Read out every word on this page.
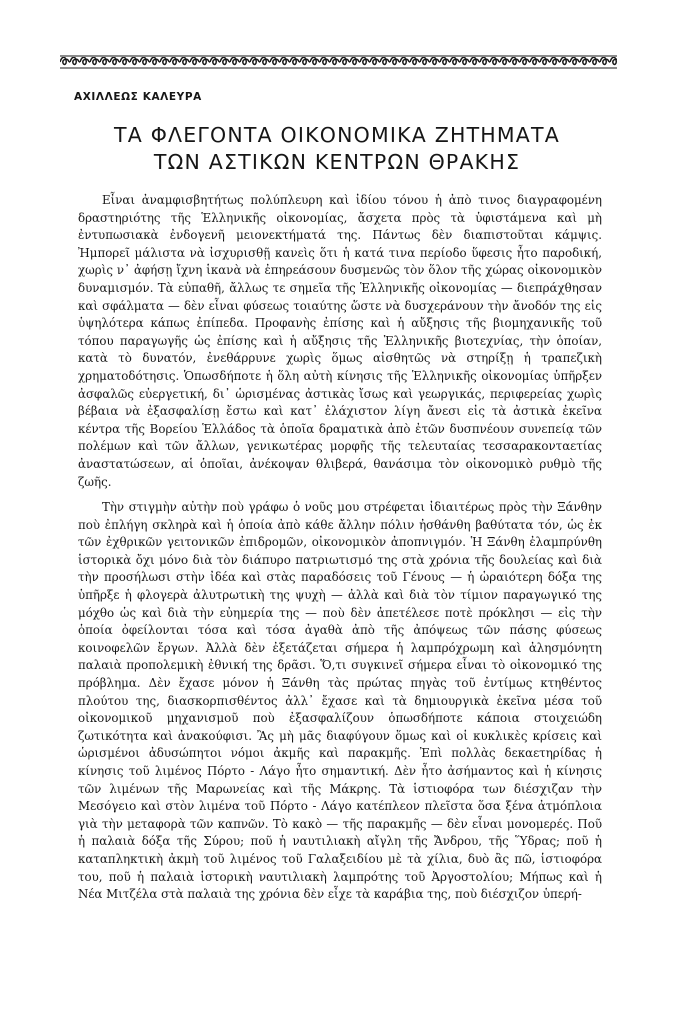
ΑΧΙΛΛΕΩΣ ΚΑΛΕΥΡΑ
ΤΑ ΦΛΕΓΟΝΤΑ ΟΙΚΟΝΟΜΙΚΑ ΖΗΤΗΜΑΤΑ
ΤΩΝ ΑΣΤΙΚΩΝ ΚΕΝΤΡΩΝ ΘΡΑΚΗΣ

Εἶναι ἀναμφισβητήτως πολύπλευρη καὶ ἰδίου τόνου ἡ ἀπὸ τινος διαγραφομένη δραστηριότης τῆς Ἑλληνικῆς οἰκονομίας, ἄσχετα πρὸς τὰ ὑφιστάμενα καὶ μὴ ἐντυπωσιακὰ ἐνδογενῆ μειονεκτήματά της. Πάντως δὲν διαπιστοῦται κάμψις. Ἠμπορεῖ μάλιστα νὰ ἰσχυρισθῇ κανεὶς ὅτι ἡ κατά τινα περίοδο ὕφεσις ἦτο παροδική, χωρὶς ν᾿ ἀφήσῃ ἴχνη ἱκανὰ νὰ ἐπηρεάσουν δυσμενῶς τὸν ὅλον τῆς χώρας οἰκονομικὸν δυναμισμόν. Τὰ εὐπαθῆ, ἄλλως τε σημεῖα τῆς Ἑλληνικῆς οἰκονομίας — διεπράχθησαν καὶ σφάλματα — δὲν εἶναι φύσεως τοιαύτης ὥστε νὰ δυσχεράνουν τὴν ἄνοδόν της εἰς ὑψηλότερα κάπως ἐπίπεδα. Προφανὴς ἐπίσης καὶ ἡ αὔξησις τῆς βιομηχανικῆς τοῦ τόπου παραγωγῆς ὡς ἐπίσης καὶ ἡ αὔξησις τῆς Ἑλληνικῆς βιοτεχνίας, τὴν ὁποίαν, κατὰ τὸ δυνατόν, ἐνεθάρρυνε χωρὶς ὅμως αἰσθητῶς νὰ στηρίξῃ ἡ τραπεζικὴ χρηματοδότησις. Ὁπωσδήποτε ἡ ὅλη αὐτὴ κίνησις τῆς Ἑλληνικῆς οἰκονομίας ὑπῆρξεν ἀσφαλῶς εὐεργετική, δι᾿ ὡρισμένας ἀστικὰς ἴσως καὶ γεωργικάς, περιφερείας χωρὶς βέβαια νὰ ἐξασφαλίσῃ ἔστω καὶ κατ᾿ ἐλάχιστον λίγη ἄνεσι εἰς τὰ ἀστικὰ ἐκεῖνα κέντρα τῆς Βορείου Ἑλλάδος τὰ ὁποῖα δραματικὰ ἀπὸ ἐτῶν δυσπνέουν συνεπείᾳ τῶν πολέμων καὶ τῶν ἄλλων, γενικωτέρας μορφῆς τῆς τελευταίας τεσσαρακονταετίας ἀναστατώσεων, αἱ ὁποῖαι, ἀνέκοψαν θλιβερά, θανάσιμα τὸν οἰκονομικὸ ρυθμὸ τῆς ζωῆς.

Τὴν στιγμὴν αὐτὴν ποὺ γράφω ὁ νοῦς μου στρέφεται ἰδιαιτέρως πρὸς τὴν Ξάνθην ποὺ ἐπλήγη σκληρὰ καὶ ἡ ὁποία ἀπὸ κάθε ἄλλην πόλιν ἠσθάνθη βαθύτατα τόν, ὡς ἐκ τῶν ἐχθρικῶν γειτονικῶν ἐπιδρομῶν, οἰκονομικὸν ἀποπνιγμόν. Ἡ Ξάνθη ἐλαμπρύνθη ἱστορικὰ ὄχι μόνο διὰ τὸν διάπυρο πατριωτισμό της στὰ χρόνια τῆς δουλείας καὶ διὰ τὴν προσήλωσι στὴν ἰδέα καὶ στὰς παραδόσεις τοῦ Γένους — ἡ ὡραιότερη δόξα της ὑπῆρξε ἡ φλογερὰ ἀλυτρωτικὴ της ψυχὴ — ἀλλὰ καὶ διὰ τὸν τίμιον παραγωγικό της μόχθο ὡς καὶ διὰ τὴν εὐημερία της — ποὺ δὲν ἀπετέλεσε ποτὲ πρόκλησι — εἰς τὴν ὁποία ὀφείλονται τόσα καὶ τόσα ἀγαθὰ ἀπὸ τῆς ἀπόψεως τῶν πάσης φύσεως κοινοφελῶν ἔργων. Ἀλλὰ δὲν ἐξετάζεται σήμερα ἡ λαμπρόχρωμη καὶ ἀλησμόνητη παλαιὰ προπολεμικὴ ἐθνική της δρᾶσι. Ὅ,τι συγκινεῖ σήμερα εἶναι τὸ οἰκονομικό της πρόβλημα. Δὲν ἔχασε μόνον ἡ Ξάνθη τὰς πρώτας πηγὰς τοῦ ἐντίμως κτηθέντος πλούτου της, διασκορπισθέντος ἀλλ᾿ ἔχασε καὶ τὰ δημιουργικὰ ἐκεῖνα μέσα τοῦ οἰκονομικοῦ μηχανισμοῦ ποὺ ἐξασφαλίζουν ὁπωσδήποτε κάποια στοιχειώδη ζωτικότητα καὶ ἀνακούφισι. Ἂς μὴ μᾶς διαφύγουν ὅμως καὶ οἱ κυκλικὲς κρίσεις καὶ ὡρισμένοι ἀδυσώπητοι νόμοι ἀκμῆς καὶ παρακμῆς. Ἐπὶ πολλὰς δεκαετηρίδας ἡ κίνησις τοῦ λιμένος Πόρτο - Λάγο ἦτο σημαντική. Δὲν ἦτο ἀσήμαντος καὶ ἡ κίνησις τῶν λιμένων τῆς Μαρωνείας καὶ τῆς Μάκρης. Τὰ ἱστιοφόρα των διέσχιζαν τὴν Μεσόγειο καὶ στὸν λιμένα τοῦ Πόρτο - Λάγο κατέπλεον πλεῖστα ὅσα ξένα ἀτμόπλοια γιὰ τὴν μεταφορὰ τῶν καπνῶν. Τὸ κακὸ — τῆς παρακμῆς — δὲν εἶναι μονομερές. Ποῦ ἡ παλαιὰ δόξα τῆς Σύρου; ποῦ ἡ ναυτιλιακὴ αἴγλη τῆς Ἄνδρου, τῆς Ὕδρας; ποῦ ἡ καταπληκτικὴ ἀκμὴ τοῦ λιμένος τοῦ Γαλαξειδίου μὲ τὰ χίλια, δυὸ ἂς πῶ, ἱστιοφόρα του, ποῦ ἡ παλαιὰ ἱστορικὴ ναυτιλιακὴ λαμπρότης τοῦ Ἀργοστολίου; Μήπως καὶ ἡ Νέα Μιτζέλα στὰ παλαιὰ της χρόνια δὲν εἶχε τὰ καράβια της, ποὺ διέσχιζον ὑπερή-
